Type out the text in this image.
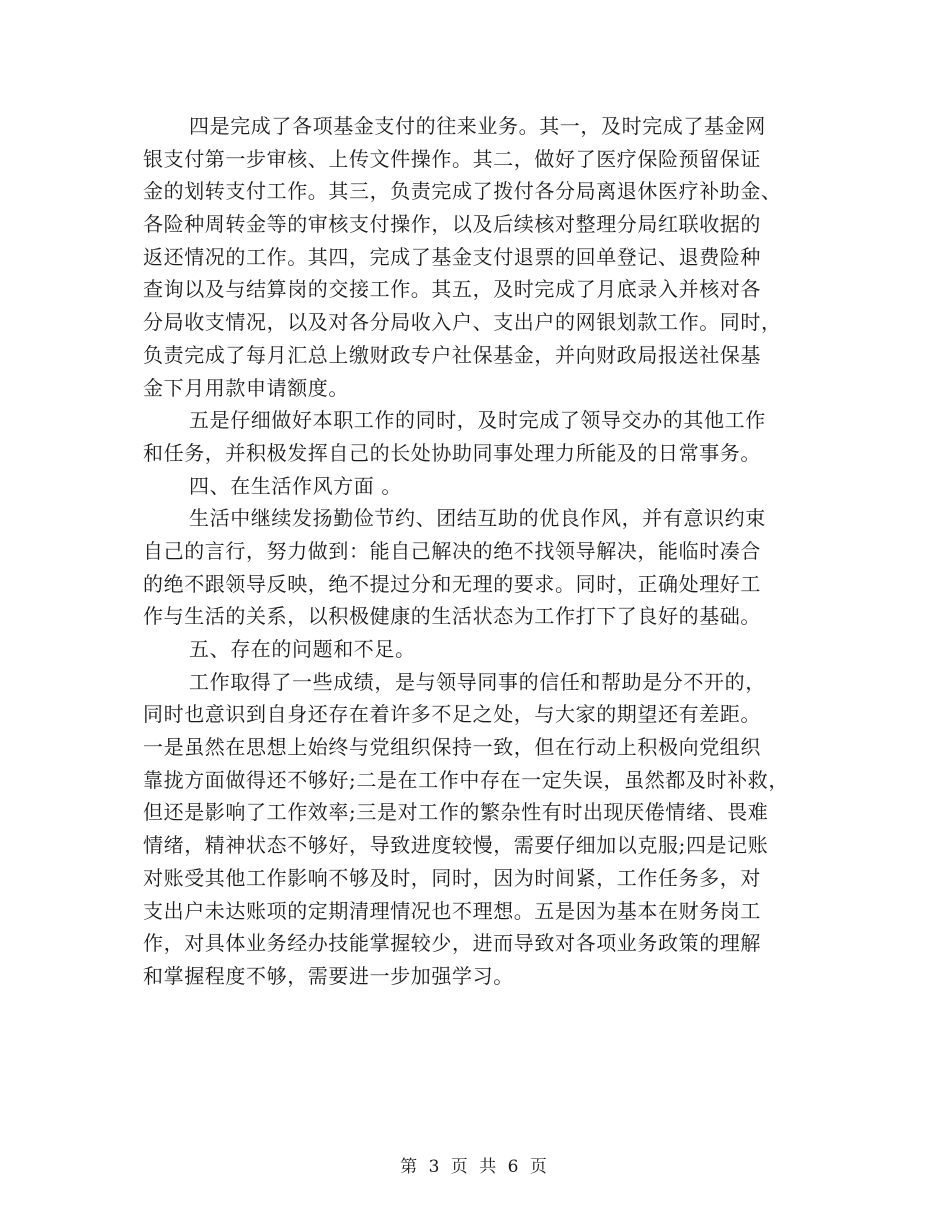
四是完成了各项基金支付的往来业务。其一，及时完成了基金网
银支付第一步审核、上传文件操作。其二，做好了医疗保险预留保证
金的划转支付工作。其三，负责完成了拨付各分局离退休医疗补助金、
各险种周转金等的审核支付操作，以及后续核对整理分局红联收据的
返还情况的工作。其四，完成了基金支付退票的回单登记、退费险种
查询以及与结算岗的交接工作。其五，及时完成了月底录入并核对各
分局收支情况，以及对各分局收入户、支出户的网银划款工作。同时，
负责完成了每月汇总上缴财政专户社保基金，并向财政局报送社保基
金下月用款申请额度。
五是仔细做好本职工作的同时，及时完成了领导交办的其他工作
和任务，并积极发挥自己的长处协助同事处理力所能及的日常事务。
四、在生活作风方面 。
生活中继续发扬勤俭节约、团结互助的优良作风，并有意识约束
自己的言行，努力做到：能自己解决的绝不找领导解决，能临时凑合
的绝不跟领导反映，绝不提过分和无理的要求。同时，正确处理好工
作与生活的关系，以积极健康的生活状态为工作打下了良好的基础。
五、存在的问题和不足。
工作取得了一些成绩，是与领导同事的信任和帮助是分不开的，
同时也意识到自身还存在着许多不足之处，与大家的期望还有差距。
一是虽然在思想上始终与党组织保持一致，但在行动上积极向党组织
靠拢方面做得还不够好;二是在工作中存在一定失误，虽然都及时补救，
但还是影响了工作效率;三是对工作的繁杂性有时出现厌倦情绪、畏难
情绪，精神状态不够好，导致进度较慢，需要仔细加以克服;四是记账
对账受其他工作影响不够及时，同时，因为时间紧，工作任务多，对
支出户未达账项的定期清理情况也不理想。五是因为基本在财务岗工
作，对具体业务经办技能掌握较少，进而导致对各项业务政策的理解
和掌握程度不够，需要进一步加强学习。
第 3 页 共 6 页
